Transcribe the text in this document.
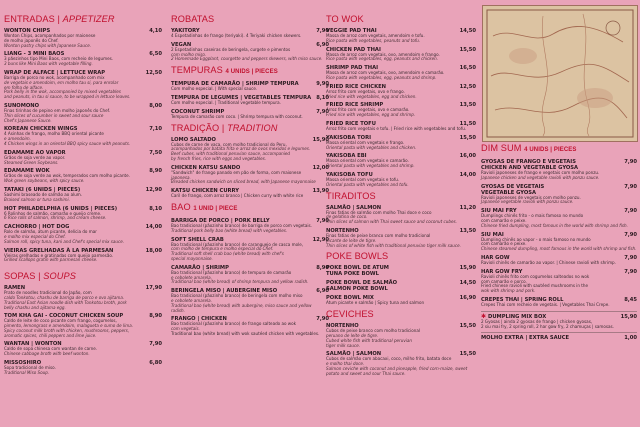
ENTRADAS | APPETIZER
WONTON CHIPS	4,10
Wonton Chips, acompanhados por maionese
de molho japonês do Chef.
Wonton pastry chips with Japanese Sauce.
LIANG - 3 MINI BAOS	6,50
3 pãezinhos tipo Mini Baos, com recheio de legumes.
3 buns like Mini Baos with vegetable filling.
WRAP DE ALFACE | LETTUCE WRAP	12,50
Barriga de porco no wok, acompanhado com mix
de vegetais e amendoim, em molho tau si, para enrolar
em folha de alface.
Pork belly in the wok, accompanied by mixed vegetables
and peanuts, in tau si sauce, to be wrapped in lettuce leaves.
SUNOMONO	8,00
Finas tirinhas de pepino em molho japonês do Chef.
Thin slices of cucumber in sweet and sour sauce
Chef's Japanese Sauce.
KOREAN CHICKEN WINGS	7,10
4 Asinhas de frango, molho BBQ oriental picante
e amendoim.
4 Chicken wings in an oriental BBQ spicy sauce with peanuts.
EDAMAME AO VAPOR	7,50
Grãos de soja verde ao vapor.
Steamed Green Soybeans.
EDAMAME WOK	8,90
Grãos de soja verde ao wok, temperados com molho picante.
Wok green soybeans, with spicy sauce.
TATAKI (6 UNIDS | PIECES)	12,90
Sashimi braseado de salmão ao alum.
Braised salmon or tuna sashimi.
HOT PHILADELPHIA (6 UNIDS | PIECES)	8,10
6 Rolinhos de salmão, camarão e queijo creme.
6 Rice rolls of salmon, shrimp, and cream cheese.
CACHORRO | HOT DOG	14,00
Rolo de salmão, atum picante, delícia do mar
e molho mix especial do Chef.
Salmon roll, spicy tuna, kani and Chef's special mix sauce.
VIEIRAS GRELHADAS À LA PARMESAN	18,00
Vieiras grelhadas e gratinadas com queijo parmesão.
Grilled scallops gratin with parmesan cheese.
SOPAS | SOUPS
RAMEN	17,90
Prato de noodles tradicional do Japão, com
caldo Tonkotsu, chashu de barriga de porco e ovo ajitama.
Traditional East Asian noodle dish with Tonkotsu broth, pork
belly chashu and ajitama egg.
TOM KHA GAI - COCONUT CHICKEN SOUP	8,90
Caldo de leite de coco picante com frango, cogumelos,
pimento, lemongrass e amendoim, malagueta e sumo de lima.
Spicy coconut milk broth with chicken, mushrooms, peppers,
aromatic spices, chili peppers and lime juice.
WANTAN | WONTON	7,90
Caldo de sopa chinesa com wantan de carne.
Chinese cabbage broth with beef wonton.
MISSOSHIRO	6,80
Sopa tradicional de miso.
Traditional Miso Soup.
ROBATAS
YAKITORY	7,90
4 Espetadinhas de frango (teriyaki). 4 Teriyaki chicken skewers.
VEGAN	6,90
2 Espetadinhas caseiras de beringela, curgete e pimentos
com molho miso.
2 Homemade Eggplant, courgette and peppers skewers, with miso sauce.
TEMPURAS 4 UNIDS | PIECES
TEMPURA DE CAMARÃO | SHRIMP TEMPURA	9,90
Com molho especial. | With special sauce.
TEMPURA DE LEGUMES | VEGETABLES TEMPURA 8,10
Com molho especial. | Traditional vegetable tempura.
COCONUT SHRIMP	7,90
Tempura de camarão com coco. | Shrimp tempura with coconut.
TRADIÇÃO | TRADITION
LOMO SALTADO	15,90
Cubos de carne de vaca, com molho tradicional do Peru,
acompanhados por batata frita e arroz de ovos mexidos e legumes.
Beef cubes, with traditional peruvian sauce, accompanied
by french fries, rice with eggs and vegetables.
CHICKEN KATSU SANDO	12,00
"Sandwich" de frango panado em pão de forma, com maionese
japonesa.
Breaded chicken sandwich on sliced bread, with Japanese mayonnaise
KATSU CHICKEN CURRY	13,90
Caril de frango, com arroz branco | Chicken curry with white rice
BAO 1 UNID | PIECE
BARRIGA DE PORCO | PORK BELLY	7,90
Bao tradicional (pãozinho branco) de barriga de porco com vegetais.
Traditional pork belly bao (white bread) with vegetables.
SOFT SHELL CRAB	12,90
Bao tradicional (pãozinho branco) de caranguejo de casca mole,
com molho de tempura e molho especial do Chef.
Traditional soft shell crab bao (white bread) with chef's
special mayonnaise.
CAMARÃO | SHRIMP	8,90
Bao tradicional (pãozinho branco) de tempura de camarão
e cebolete amarela.
Traditional bao (white bread) of shrimp tempura and yellow radish.
BERINGELA MISO | AUBERGINE MISO	6,90
Bao tradicional (pãozinho branco) de beringela com molho miso
e cebolete amarela.
Traditional bao (white bread) with aubergine, miso sauce and yellow
radish.
FRANGO | CHICKEN	7,90
Bao tradicional (pãozinho branco) de frango salteado ao wok
com vegetais.
Traditional bao (white bread) with wok sautéed chicken with vegetables.
TO WOK
VEGGIE PAD THAI	14,50
Massa de arroz com vegetais, amendoim e tofu.
Rice pasta with vegetables, peanuts and tofu.
CHICKEN PAD THAI	15,50
Massa de arroz com vegetais, ovo, amendoim e frango.
Rice pasta with vegetables, egg, peanuts and chicken.
SHRIMP PAD THAI	16,50
Massa de arroz com vegetais, ovo, amendoim e camarão.
Rice pasta with vegetables, egg, peanuts and shrimp.
FRIED RICE CHICKEN	12,50
Arroz frito com vegetais, ovo e frango.
Fried rice with vegetables, egg and chicken.
FRIED RICE SHRIMP	13,50
Arroz frito com vegetais, ovo e camarão.
Fried rice with vegetables, egg and shrimp.
FRIED RICE TOFU	11,50
Arroz frito com vegetais e tofu. | Fried rice with vegetables and tofu.
YAKISOBA TORI	15,50
Massa oriental com vegetais e frango.
Oriental pasta with vegetables and chicken.
YAKISOBA EBI	16,00
Massa oriental com vegetais e camarão.
Oriental pasta with vegetables and shrimp.
YAKISOBA TOFU	14,00
Massa oriental com vegetais e tofu.
Oriental pasta with vegetables and tofu.
TIRADITOS
SALMÃO | SALMON	11,20
Finas fatias de salmão com molho Thai doce e coco
de gelatina de coco.
Thin slices of salmon with Thai sweet sauce and coconut cubes.
NORTENHO	13,50
Finas fatias de peixe branco com molho tradicional
picante de leite de tigre.
Thin slices of white fish with traditional peruvian tiger milk sauce.
POKE BOWLS
POKE BOWL DE ATUM	15,90
TUNA POKE BOWL
POKE BOWL DE SALMÃO	14,50
SALMON POKE BOWL
POKE BOWL MIX	16,90
Atum picante e salmão | Spicy tuna and salmon
CEVICHES
NORTENHO	15,50
Cubos de peixe branco com molho tradicional
peruano de leite de tigre.
Cubed white fish with traditional peruvian
tiger milk sauce.
SALMÃO | SALMON	15,50
Cubos de salmão com abacaxi, coco, milho frito, batata doce
e molho thai doce.
Salmon ceviche with coconut and pineapple, fried corn-maize, sweet
potato and sweet and sour Thai sauce.
DIM SUM 4 UNIDS | PIECES
GYOSAS DE FRANGO E VEGETAIS	7,90
CHICKEN AND VEGETABLE GYOSA
Ravioli japoneses de frango e vegetais com molho ponzu.
Japanese chicken and vegetable ravioli with ponzu sauce.
GYOSAS DE VEGETAIS	7,90
VEGETABLE GYOSA
Ravioli japoneses de vegetais com molho ponzu.
Japanese vegetable ravioli with ponzu sauce.
SIU MAI FRY	7,90
Dumplings chinês frito - o mais famoso no mundo
com camarão e peixe.
Chinese fried dumpling, most famous in the world with shrimp and fish.
SIU MAI	7,90
Dumpling chinês ao vapor - o mais famoso no mundo
com camarão e peixe.
Chinese steamed dumpling, most famous in the world with shrimp and fish.
HAR GOW	7,90
Ravioli chinês de camarão ao vapor. | Chinese ravioli with shrimp.
HAR GOW FRY	7,90
Ravioli chinês frito com cogumelos salteados no wok
com camarão e porco.
Fried chinese ravioli with sautéed mushrooms in the
wok with shrimp and pork.
CREPES THAI | SPRING ROLL	8,45
Crepes Thai com recheio de vegetais. | Vegetables Thai Crepe.
✱ DUMPLING MIX BOX	15,90
2 Gyosas | ainda 2 gyosas de frango | chicken gyosas,
2 siu mai fry, 2 spring roll, 2 har gow fry, 2 chamuças | samosas.
MOLHO EXTRA | EXTRA SAUCE	1,00
